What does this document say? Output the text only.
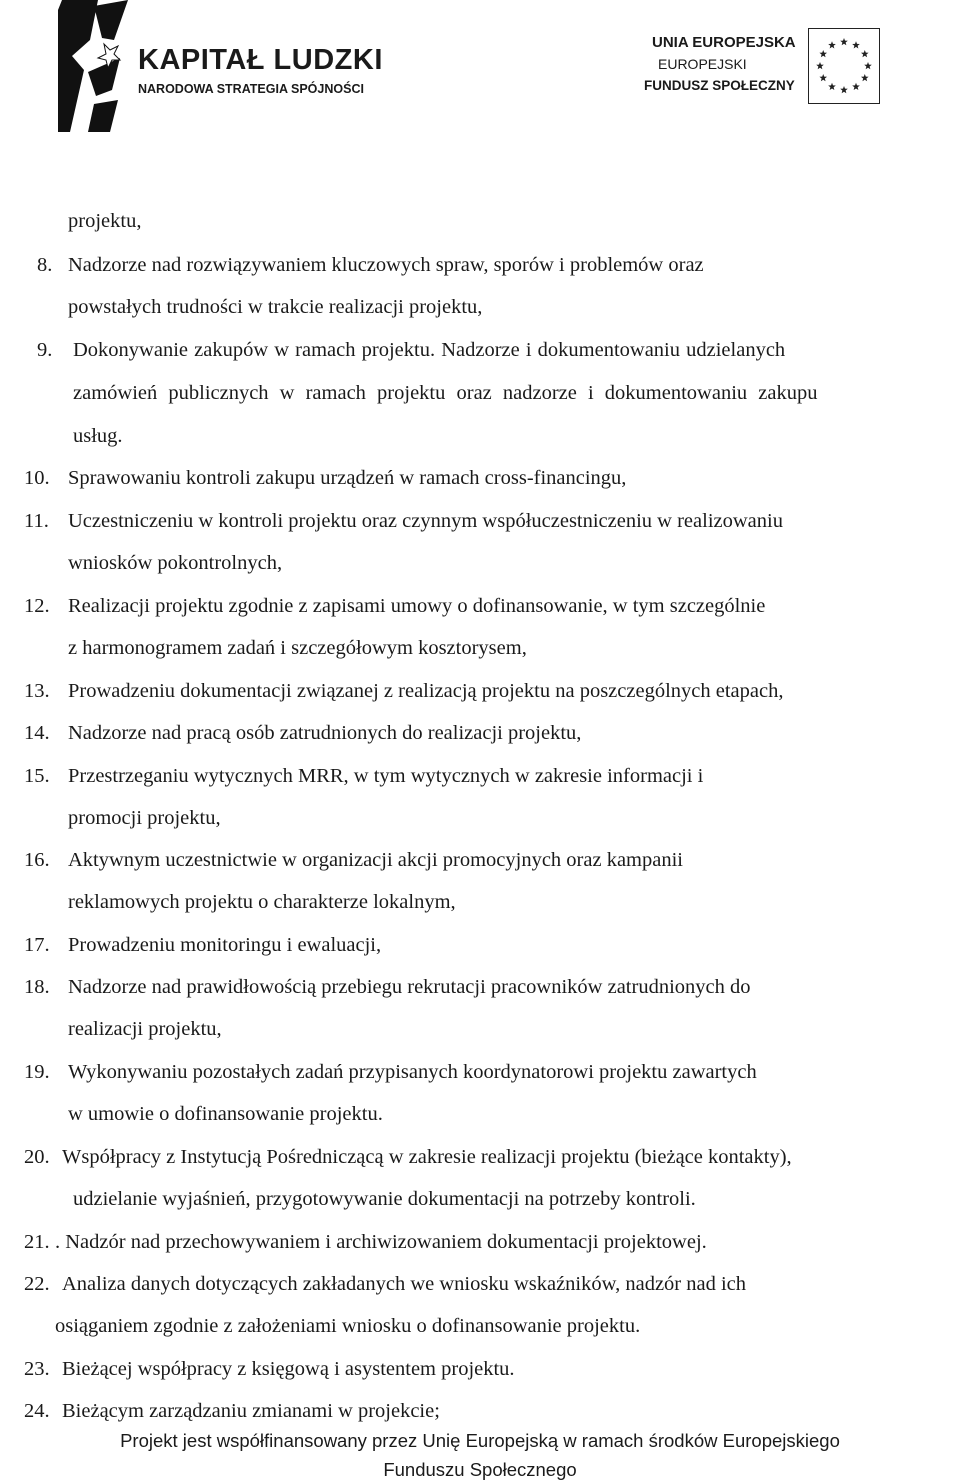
KAPITAŁ LUDZKI
NARODOWA STRATEGIA SPÓJNOŚCI
UNIA EUROPEJSKA
EUROPEJSKI
FUNDUSZ SPOŁECZNY
projektu,
8. Nadzorze nad rozwiązywaniem kluczowych spraw, sporów i problemów oraz
powstałych trudności w trakcie realizacji projektu,
9. Dokonywanie zakupów w ramach projektu. Nadzorze i dokumentowaniu udzielanych
zamówień publicznych w ramach projektu oraz nadzorze i dokumentowaniu zakupu
usług.
10. Sprawowaniu kontroli zakupu urządzeń w ramach cross-financingu,
11. Uczestniczeniu w kontroli projektu oraz czynnym współuczestniczeniu w realizowaniu
wniosków pokontrolnych,
12. Realizacji projektu zgodnie z zapisami umowy o dofinansowanie, w tym szczególnie
z harmonogramem zadań i szczegółowym kosztorysem,
13. Prowadzeniu dokumentacji związanej z realizacją projektu na poszczególnych etapach,
14. Nadzorze nad pracą osób zatrudnionych do realizacji projektu,
15. Przestrzeganiu wytycznych MRR, w tym wytycznych w zakresie informacji i
promocji projektu,
16. Aktywnym uczestnictwie w organizacji akcji promocyjnych oraz kampanii
reklamowych projektu o charakterze lokalnym,
17. Prowadzeniu monitoringu i ewaluacji,
18. Nadzorze nad prawidłowością przebiegu rekrutacji pracowników zatrudnionych do
realizacji projektu,
19. Wykonywaniu pozostałych zadań przypisanych koordynatorowi projektu zawartych
w umowie o dofinansowanie projektu.
20. Współpracy z Instytucją Pośredniczącą w zakresie realizacji projektu (bieżące kontakty),
udzielanie wyjaśnień, przygotowywanie dokumentacji na potrzeby kontroli.
21. . Nadzór nad przechowywaniem i archiwizowaniem dokumentacji projektowej.
22. Analiza danych dotyczących zakładanych we wniosku wskaźników, nadzór nad ich
osiąganiem zgodnie z założeniami wniosku o dofinansowanie projektu.
23. Bieżącej współpracy z księgową i asystentem projektu.
24. Bieżącym zarządzaniu zmianami w projekcie;
Projekt jest współfinansowany przez Unię Europejską w ramach środków Europejskiego
Funduszu Społecznego
